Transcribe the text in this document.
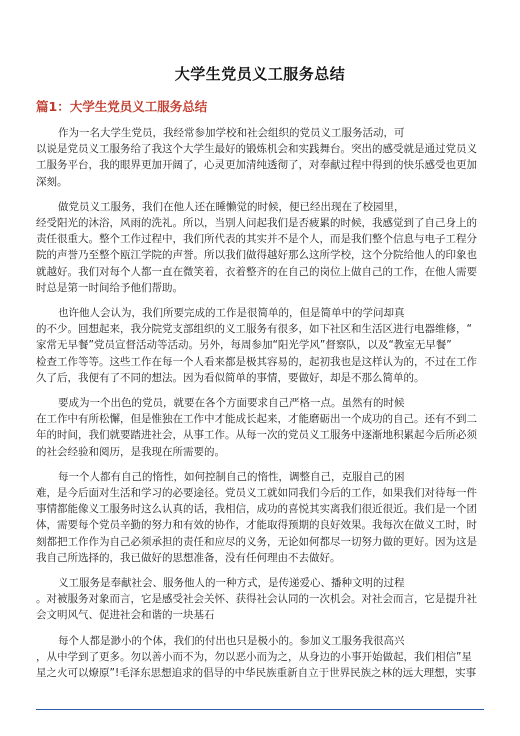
大学生党员义工服务总结
篇1：大学生党员义工服务总结

作为一名大学生党员，我经常参加学校和社会组织的党员义工服务活动，可
以说是党员义工服务给了我这个大学生最好的锻炼机会和实践舞台。突出的感受就是通过党员义
工服务平台，我的眼界更加开阔了，心灵更加清纯透彻了，对奉献过程中得到的快乐感受也更加
深刻。

做党员义工服务，我们在他人还在睡懒觉的时候，便已经出现在了校园里，
经受阳光的沐浴，风雨的洗礼。所以，当别人问起我们是否疲累的时候，我感觉到了自己身上的
责任很重大。整个工作过程中，我们所代表的其实并不是个人，而是我们整个信息与电子工程分
院的声誉乃至整个瓯江学院的声誉。所以我们做得越好那么这所学校，这个分院给他人的印象也
就越好。我们对每个人都一直在微笑着，衣着整齐的在自己的岗位上做自己的工作，在他人需要
时总是第一时间给予他们帮助。

也许他人会认为，我们所要完成的工作是很简单的，但是简单中的学问却真
的不少。回想起来，我分院党支部组织的义工服务有很多，如下社区和生活区进行电器维修，“
家常无早餐”党员宣督活动等活动。另外，每周参加“阳光学风”督察队，以及“教室无早餐”
检查工作等等。这些工作在每一个人看来都是极其容易的，起初我也是这样认为的，不过在工作
久了后，我便有了不同的想法。因为看似简单的事情，要做好，却是不那么简单的。

要成为一个出色的党员，就要在各个方面要求自己严格一点。虽然有的时候
在工作中有所松懈，但是惟独在工作中才能成长起来，才能磨砺出一个成功的自己。还有不到二
年的时间，我们就要踏进社会，从事工作。从每一次的党员义工服务中逐渐地积累起今后所必须
的社会经验和阅历，是我现在所需要的。

每一个人都有自己的惰性，如何控制自己的惰性，调整自己，克服自己的困
难，是今后面对生活和学习的必要途径。党员义工就如同我们今后的工作，如果我们对待每一件
事情都能像义工服务时这么认真的话，我相信，成功的喜悦其实离我们很近很近。我们是一个团
体，需要每个党员辛勤的努力和有效的协作，才能取得预期的良好效果。我每次在做义工时，时
刻都把工作作为自己必须承担的责任和应尽的义务，无论如何都尽一切努力做的更好。因为这是
我自己所选择的，我已做好的思想准备，没有任何理由不去做好。

义工服务是奉献社会、服务他人的一种方式，是传递爱心、播种文明的过程
。对被服务对象而言，它是感受社会关怀、获得社会认同的一次机会。对社会而言，它是提升社
会文明风气、促进社会和谐的一块基石

每个人都是渺小的个体，我们的付出也只是极小的。参加义工服务我很高兴
，从中学到了更多。勿以善小而不为，勿以恶小而为之，从身边的小事开始做起，我们相信”星
星之火可以燎原”!毛泽东思想追求的倡导的中华民族重新自立于世界民族之林的远大理想，实事
